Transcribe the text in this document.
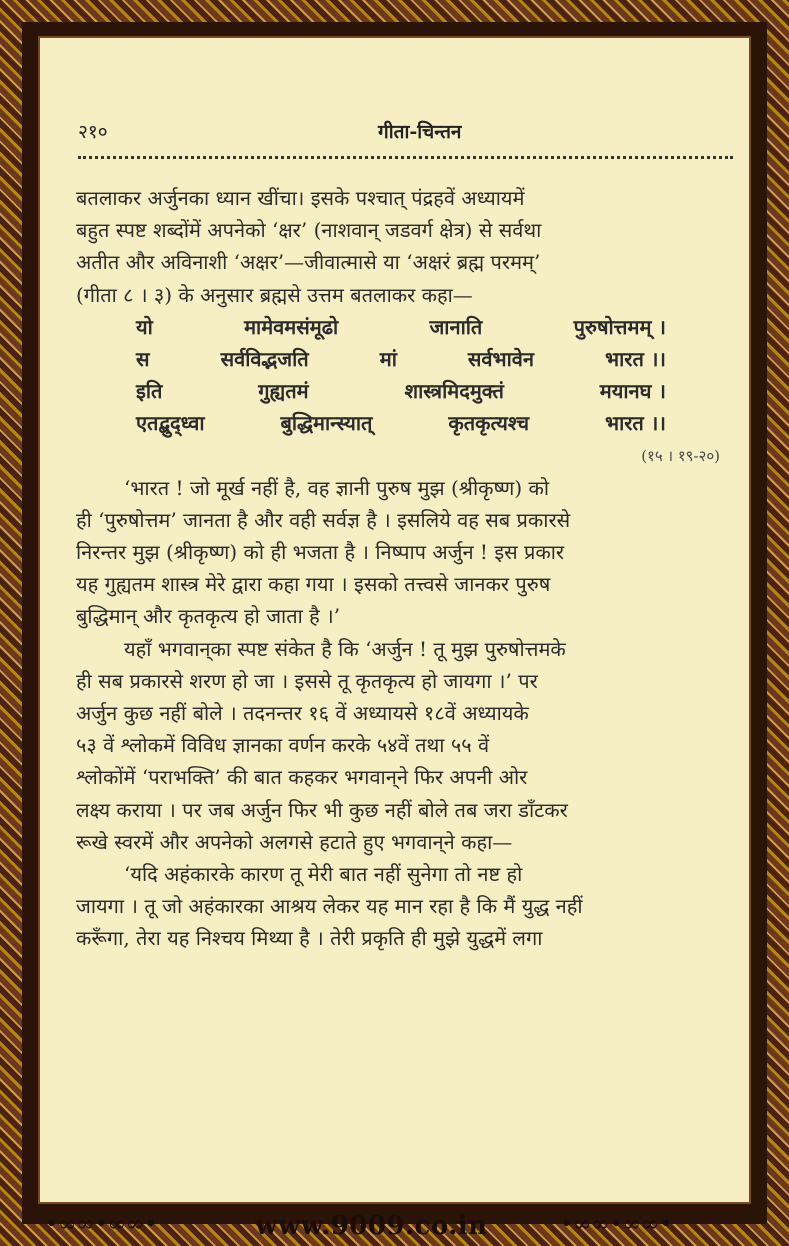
२१०	गीता-चिन्तन
बतलाकर अर्जुनका ध्यान खींचा। इसके पश्चात् पंद्रहवें अध्यायमें
बहुत स्पष्ट शब्दोंमें अपनेको ‘क्षर’ (नाशवान् जडवर्ग क्षेत्र) से सर्वथा
अतीत और अविनाशी ‘अक्षर’—जीवात्मासे या ‘अक्षरं ब्रह्म परमम्’
(गीता ८ । ३) के अनुसार ब्रह्मसे उत्तम बतलाकर कहा—
यो	मामेवमसंमूढो	जानाति	पुरुषोत्तमम् ।
स	सर्वविद्भजति	मां	सर्वभावेन	भारत ।।
इति	गुह्यतमं	शास्त्रमिदमुक्तं	मयानघ ।
एतद्बुद्ध्वा	बुद्धिमान्स्यात्	कृतकृत्यश्च	भारत ।।
(१५ । १९-२०)
‘भारत ! जो मूर्ख नहीं है, वह ज्ञानी पुरुष मुझ (श्रीकृष्ण) को
ही ‘पुरुषोत्तम’ जानता है और वही सर्वज्ञ है । इसलिये वह सब प्रकारसे
निरन्तर मुझ (श्रीकृष्ण) को ही भजता है । निष्पाप अर्जुन ! इस प्रकार
यह गुह्यतम शास्त्र मेरे द्वारा कहा गया । इसको तत्त्वसे जानकर पुरुष
बुद्धिमान् और कृतकृत्य हो जाता है ।’
यहाँ भगवान्‌का स्पष्ट संकेत है कि ‘अर्जुन ! तू मुझ पुरुषोत्तमके
ही सब प्रकारसे शरण हो जा । इससे तू कृतकृत्य हो जायगा ।’ पर
अर्जुन कुछ नहीं बोले । तदनन्तर १६ वें अध्यायसे १८वें अध्यायके
५३ वें श्लोकमें विविध ज्ञानका वर्णन करके ५४वें तथा ५५ वें
श्लोकोंमें ‘पराभक्ति’ की बात कहकर भगवान्‌ने फिर अपनी ओर
लक्ष्य कराया । पर जब अर्जुन फिर भी कुछ नहीं बोले तब जरा डाँटकर
रूखे स्वरमें और अपनेको अलगसे हटाते हुए भगवान्‌ने कहा—
‘यदि अहंकारके कारण तू मेरी बात नहीं सुनेगा तो नष्ट हो
जायगा । तू जो अहंकारका आश्रय लेकर यह मान रहा है कि मैं युद्ध नहीं
करूँगा, तेरा यह निश्चय मिथ्या है । तेरी प्रकृति ही मुझे युद्धमें लगा
•∞∞•∞∞•	www.9009.co.in	•∞∞•∞∞•
